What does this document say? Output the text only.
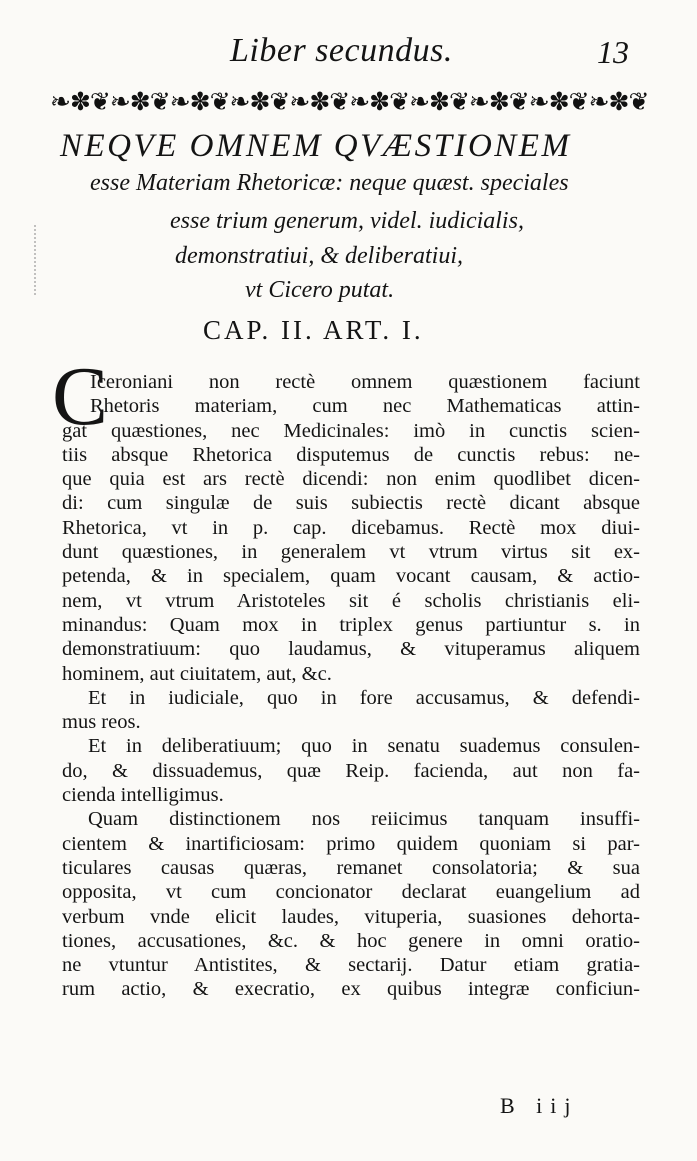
Liber secundus.	13
❧✽❦ ❧✽❦ ❧✽❦ ❧✽❦ ❧✽❦ ❧✽❦ ❧✽❦ ❧✽❦ ❧✽❦ ❧✽❦
NEQVE OMNEM QVÆSTIONEM
esse Materiam Rhetoricæ: neque quæst. speciales
esse trium generum, videl. iudicialis,
demonstratiui, & deliberatiui,
vt Cicero putat.
CAP. II. ART. I.
C
Iceroniani non rectè omnem quæstionem faciunt
Rhetoris materiam, cum nec Mathematicas attin-
gat quæstiones, nec Medicinales: imò in cunctis scien-
tiis absque Rhetorica disputemus de cunctis rebus: ne-
que quia est ars rectè dicendi: non enim quodlibet dicen-
di: cum singulæ de suis subiectis rectè dicant absque
Rhetorica, vt in p. cap. dicebamus. Rectè mox diui-
dunt quæstiones, in generalem vt vtrum virtus sit ex-
petenda, & in specialem, quam vocant causam, & actio-
nem, vt vtrum Aristoteles sit é scholis christianis eli-
minandus: Quam mox in triplex genus partiuntur s. in
demonstratiuum: quo laudamus, & vituperamus aliquem
hominem, aut ciuitatem, aut, &c.
Et in iudiciale, quo in fore accusamus, & defendi-
mus reos.
Et in deliberatiuum; quo in senatu suademus consulen-
do, & dissuademus, quæ Reip. facienda, aut non fa-
cienda intelligimus.
Quam distinctionem nos reiicimus tanquam insuffi-
cientem & inartificiosam: primo quidem quoniam si par-
ticulares causas quæras, remanet consolatoria; & sua
opposita, vt cum concionator declarat euangelium ad
verbum vnde elicit laudes, vituperia, suasiones dehorta-
tiones, accusationes, &c. & hoc genere in omni oratio-
ne vtuntur Antistites, & sectarij. Datur etiam gratia-
rum actio, & execratio, ex quibus integræ conficiun-
B iij
